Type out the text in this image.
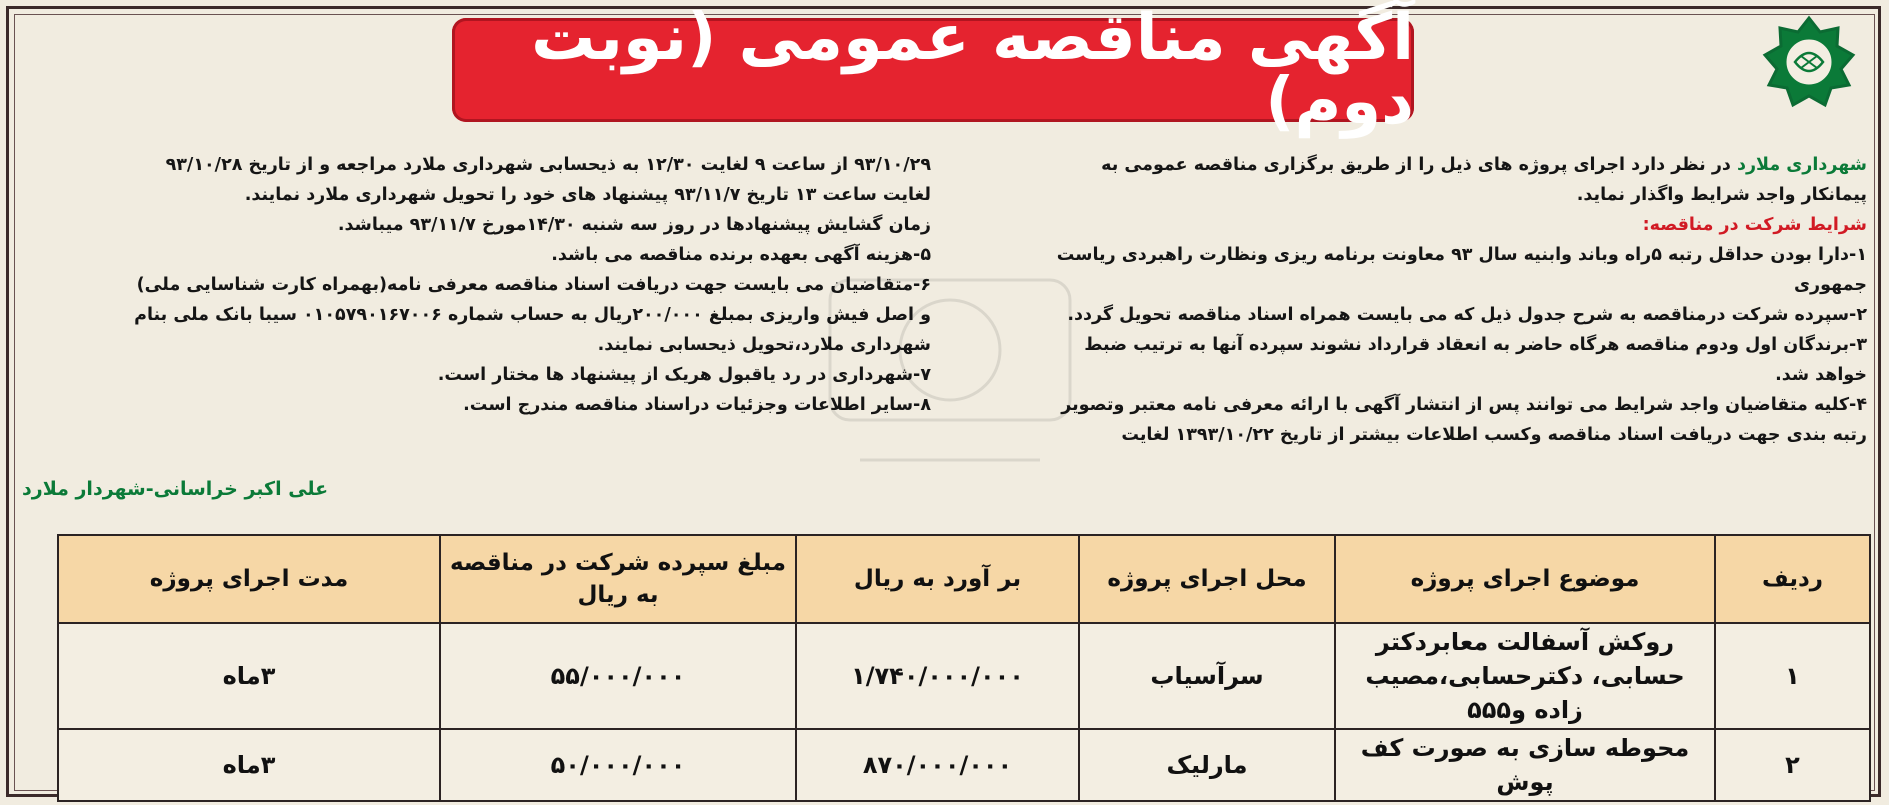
آگهی مناقصه عمومی (نوبت دوم)

شهرداری ملارد در نظر دارد اجرای پروژه های ذیل را از طریق برگزاری مناقصه عمومی به

پیمانکار واجد شرایط واگذار نماید.

شرایط شرکت در مناقصه:

۱-دارا بودن حداقل رتبه ۵راه وباند وابنیه سال ۹۳ معاونت برنامه ریزی ونظارت راهبردی ریاست

جمهوری

۲-سپرده شرکت درمناقصه به شرح جدول ذیل که می بایست همراه اسناد مناقصه تحویل گردد.

۳-برندگان اول ودوم مناقصه هرگاه حاضر به انعقاد قرارداد نشوند سپرده آنها به ترتیب ضبط

خواهد شد.

۴-کلیه متقاضیان واجد شرایط می توانند پس از انتشار آگهی با ارائه معرفی نامه معتبر وتصویر

رتبه بندی جهت دریافت اسناد مناقصه وکسب اطلاعات بیشتر از تاریخ ۱۳۹۳/۱۰/۲۲ لغایت

۹۳/۱۰/۲۹ از ساعت ۹ لغایت ۱۲/۳۰ به ذیحسابی شهرداری ملارد مراجعه و از تاریخ ۹۳/۱۰/۲۸

لغایت ساعت ۱۳ تاریخ ۹۳/۱۱/۷ پیشنهاد های خود را تحویل شهرداری ملارد نمایند.

زمان گشایش پیشنهادها در روز سه شنبه ۱۴/۳۰مورخ ۹۳/۱۱/۷ میباشد.

۵-هزینه آگهی بعهده برنده مناقصه می باشد.

۶-متقاضیان می بایست جهت دریافت اسناد مناقصه معرفی نامه(بهمراه کارت شناسایی ملی)

و اصل فیش واریزی بمبلغ ۲۰۰/۰۰۰ریال به حساب شماره ۰۱۰۵۷۹۰۱۶۷۰۰۶ سیبا بانک ملی بنام

شهرداری ملارد،تحویل ذیحسابی نمایند.

۷-شهرداری در رد یاقبول هریک از پیشنهاد ها مختار است.

۸-سایر اطلاعات وجزئیات دراسناد مناقصه مندرج است.

علی اکبر خراسانی-شهردار ملارد
ردیف	موضوع اجرای پروژه	محل اجرای پروژه	بر آورد به ریال	مبلغ سپرده شرکت در مناقصه به ریال	مدت اجرای پروژه
۱	روکش آسفالت معابردکتر حسابی، دکترحسابی،مصیب زاده و۵۵۵	سرآسیاب	۱/۷۴۰/۰۰۰/۰۰۰	۵۵/۰۰۰/۰۰۰	۳ماه
۲	محوطه سازی به صورت کف پوش	مارلیک	۸۷۰/۰۰۰/۰۰۰	۵۰/۰۰۰/۰۰۰	۳ماه
